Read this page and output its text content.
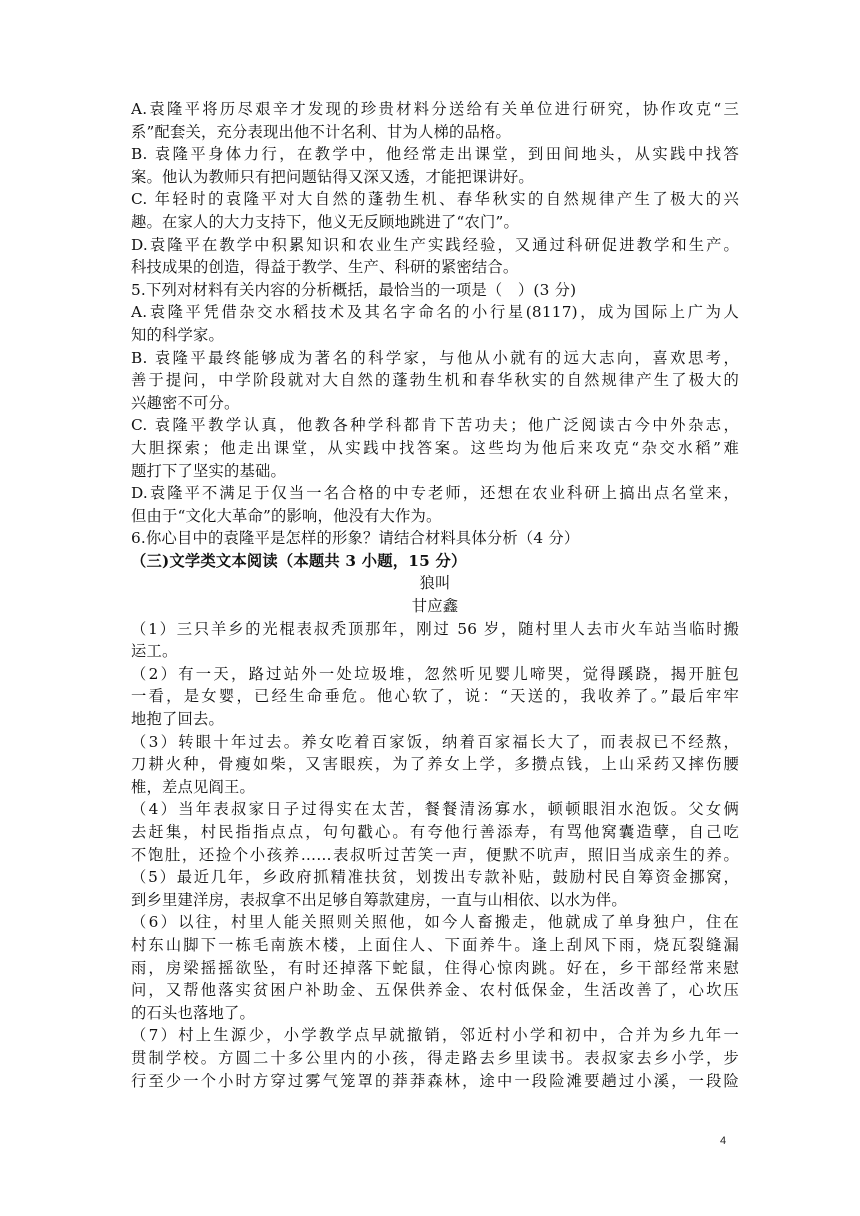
A.袁隆平将历尽艰辛才发现的珍贵材料分送给有关单位进行研究，协作攻克“三
系”配套关，充分表现出他不计名利、甘为人梯的品格。
B. 袁隆平身体力行，在教学中，他经常走出课堂，到田间地头，从实践中找答
案。他认为教师只有把问题钻得又深又透，才能把课讲好。
C. 年轻时的袁隆平对大自然的蓬勃生机、春华秋实的自然规律产生了极大的兴
趣。在家人的大力支持下，他义无反顾地跳进了“农门”。
D.袁隆平在教学中积累知识和农业生产实践经验，又通过科研促进教学和生产。
科技成果的创造，得益于教学、生产、科研的紧密结合。
5.下列对材料有关内容的分析概括，最恰当的一项是（　）(3 分)
A.袁隆平凭借杂交水稻技术及其名字命名的小行星(8117)，成为国际上广为人
知的科学家。
B. 袁隆平最终能够成为著名的科学家，与他从小就有的远大志向，喜欢思考，
善于提问，中学阶段就对大自然的蓬勃生机和春华秋实的自然规律产生了极大的
兴趣密不可分。
C. 袁隆平教学认真，他教各种学科都肯下苦功夫；他广泛阅读古今中外杂志，
大胆探索；他走出课堂，从实践中找答案。这些均为他后来攻克“杂交水稻”难
题打下了坚实的基础。
D.袁隆平不满足于仅当一名合格的中专老师，还想在农业科研上搞出点名堂来，
但由于“文化大革命”的影响，他没有大作为。
6.你心目中的袁隆平是怎样的形象？请结合材料具体分析（4 分）
（三)文学类文本阅读（本题共 3 小题，15 分）
狼叫
甘应鑫
（1）三只羊乡的光棍表叔秃顶那年，刚过 56 岁，随村里人去市火车站当临时搬
运工。
（2）有一天，路过站外一处垃圾堆，忽然听见婴儿啼哭，觉得蹊跷，揭开脏包
一看，是女婴，已经生命垂危。他心软了，说：“天送的，我收养了。”最后牢牢
地抱了回去。
（3）转眼十年过去。养女吃着百家饭，纳着百家福长大了，而表叔已不经熬，
刀耕火种，骨瘦如柴，又害眼疾，为了养女上学，多攒点钱，上山采药又摔伤腰
椎，差点见阎王。
（4）当年表叔家日子过得实在太苦，餐餐清汤寡水，顿顿眼泪水泡饭。父女俩
去赶集，村民指指点点，句句戳心。有夸他行善添寿，有骂他窝囊造孽，自己吃
不饱肚，还捡个小孩养……表叔听过苦笑一声，便默不吭声，照旧当成亲生的养。
（5）最近几年，乡政府抓精准扶贫，划拨出专款补贴，鼓励村民自筹资金挪窝，
到乡里建洋房，表叔拿不出足够自筹款建房，一直与山相依、以水为伴。
（6）以往，村里人能关照则关照他，如今人畜搬走，他就成了单身独户，住在
村东山脚下一栋毛南族木楼，上面住人、下面养牛。逢上刮风下雨，烧瓦裂缝漏
雨，房梁摇摇欲坠，有时还掉落下蛇鼠，住得心惊肉跳。好在，乡干部经常来慰
问，又帮他落实贫困户补助金、五保供养金、农村低保金，生活改善了，心坎压
的石头也落地了。
（7）村上生源少，小学教学点早就撤销，邻近村小学和初中，合并为乡九年一
贯制学校。方圆二十多公里内的小孩，得走路去乡里读书。表叔家去乡小学，步
行至少一个小时方穿过雾气笼罩的莽莽森林，途中一段险滩要趟过小溪，一段险
4
